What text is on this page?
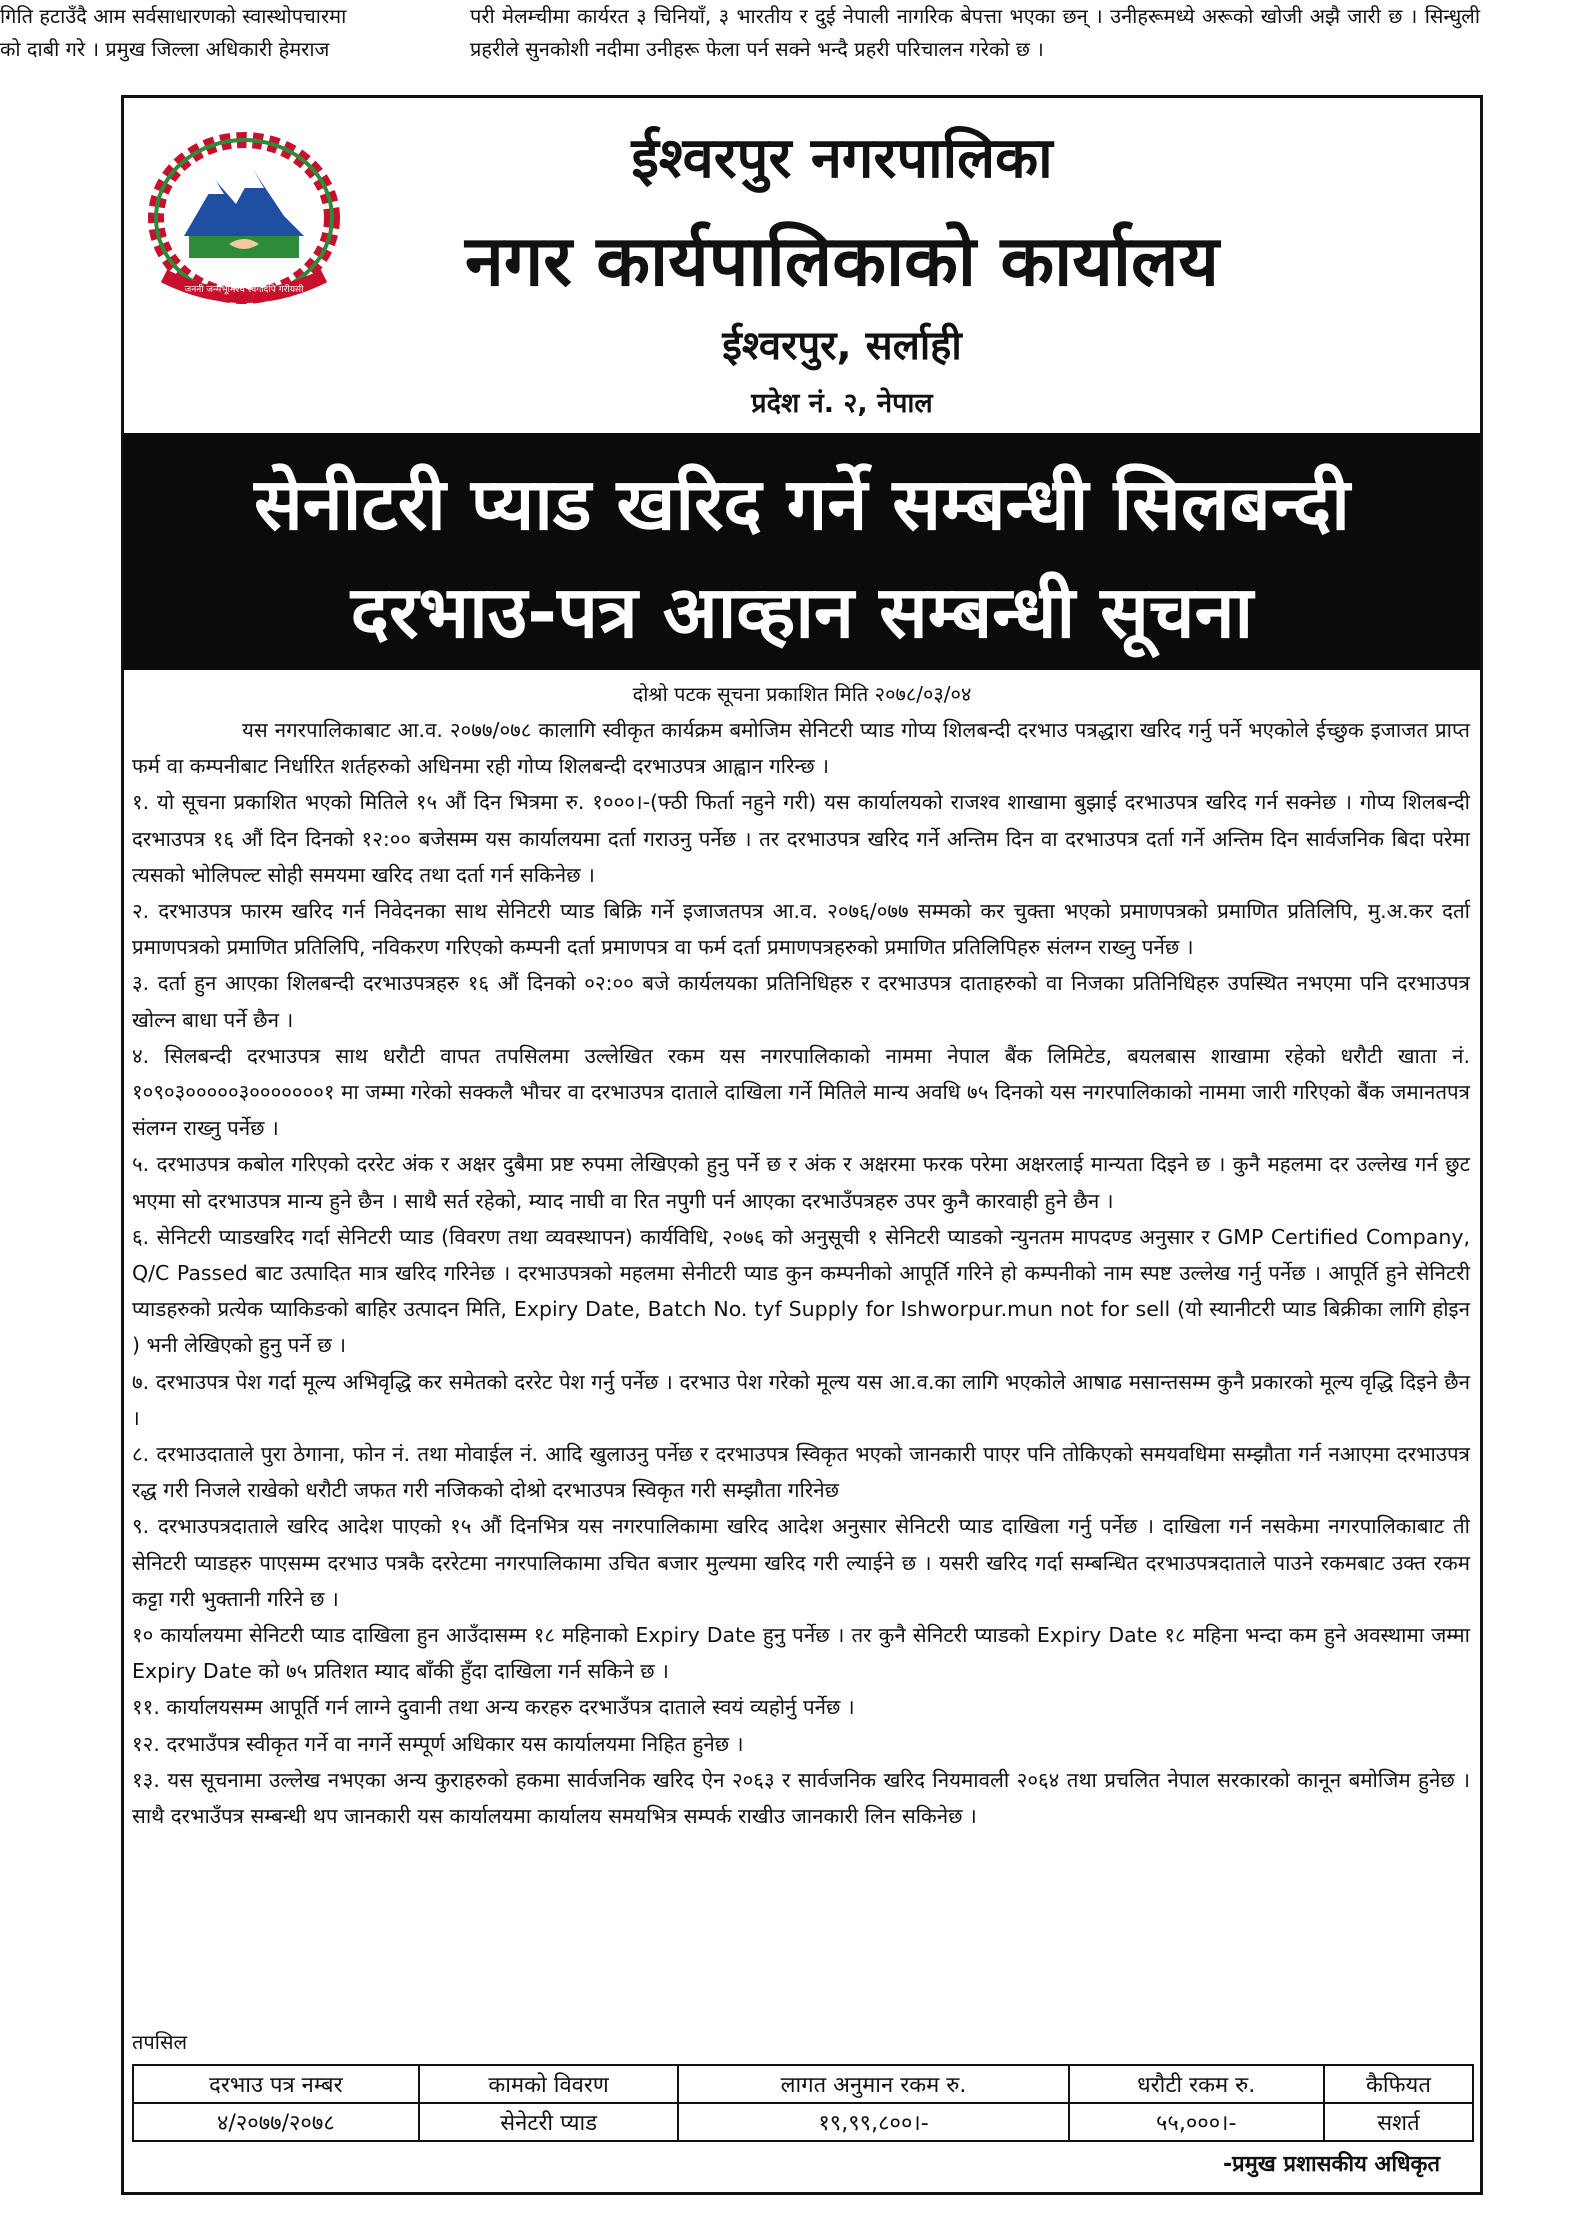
गिति हटाउँदै आम सर्वसाधारणको स्वास्थोपचारमा
को दाबी गरे । प्रमुख जिल्ला अधिकारी हेमराज
परी मेलम्चीमा कार्यरत ३ चिनियाँ, ३ भारतीय र दुई नेपाली नागरिक बेपत्ता भएका छन् । उनीहरूमध्ये अरूको खोजी अझै जारी छ । सिन्धुली प्रहरीले सुनकोशी नदीमा उनीहरू फेला पर्न सक्ने भन्दै प्रहरी परिचालन गरेको छ ।
जननी जन्मभूमिश्च स्वर्गादपि गरीयसी
ईश्वरपुर नगरपालिका
नगर कार्यपालिकाको कार्यालय
ईश्वरपुर, सर्लाही
प्रदेश नं. २, नेपाल
सेनीटरी प्याड खरिद गर्ने सम्बन्धी सिलबन्दी
दरभाउ-पत्र आव्हान सम्बन्धी सूचना
दोश्रो पटक सूचना प्रकाशित मिति २०७८/०३/०४

यस नगरपालिकाबाट आ.व. २०७७/०७८ कालागि स्वीकृत कार्यक्रम बमोजिम सेनिटरी प्याड गोप्य शिलबन्दी दरभाउ पत्रद्धारा खरिद गर्नु पर्ने भएकोले ईच्छुक इजाजत प्राप्त फर्म वा कम्पनीबाट निर्धारित शर्तहरुको अधिनमा रही गोप्य शिलबन्दी दरभाउपत्र आह्वान गरिन्छ ।

१. यो सूचना प्रकाशित भएको मितिले १५ औं दिन भित्रमा रु. १०००।-(फ्ठी फिर्ता नहुने गरी) यस कार्यालयको राजश्व शाखामा बुझाई दरभाउपत्र खरिद गर्न सक्नेछ । गोप्य शिलबन्दी दरभाउपत्र १६ औं दिन दिनको १२:०० बजेसम्म यस कार्यालयमा दर्ता गराउनु पर्नेछ । तर दरभाउपत्र खरिद गर्ने अन्तिम दिन वा दरभाउपत्र दर्ता गर्ने अन्तिम दिन सार्वजनिक बिदा परेमा त्यसको भोलिपल्ट सोही समयमा खरिद तथा दर्ता गर्न सकिनेछ ।

२. दरभाउपत्र फारम खरिद गर्न निवेदनका साथ सेनिटरी प्याड बिक्रि गर्ने इजाजतपत्र आ.व. २०७६/०७७ सम्मको कर चुक्ता भएको प्रमाणपत्रको प्रमाणित प्रतिलिपि, मु.अ.कर दर्ता प्रमाणपत्रको प्रमाणित प्रतिलिपि, नविकरण गरिएको कम्पनी दर्ता प्रमाणपत्र वा फर्म दर्ता प्रमाणपत्रहरुको प्रमाणित प्रतिलिपिहरु संलग्न राख्नु पर्नेछ ।

३. दर्ता हुन आएका शिलबन्दी दरभाउपत्रहरु १६ औं दिनको ०२:०० बजे कार्यलयका प्रतिनिधिहरु र दरभाउपत्र दाताहरुको वा निजका प्रतिनिधिहरु उपस्थित नभएमा पनि दरभाउपत्र खोल्न बाधा पर्ने छैन ।

४. सिलबन्दी दरभाउपत्र साथ धरौटी वापत तपसिलमा उल्लेखित रकम यस नगरपालिकाको नाममा नेपाल बैंक लिमिटेड, बयलबास शाखामा रहेको धरौटी खाता नं. १०९०३०००००३०००००००१ मा जम्मा गरेको सक्कलै भौचर वा दरभाउपत्र दाताले दाखिला गर्ने मितिले मान्य अवधि ७५ दिनको यस नगरपालिकाको नाममा जारी गरिएको बैंक जमानतपत्र संलग्न राख्नु पर्नेछ ।

५. दरभाउपत्र कबोल गरिएको दररेट अंक र अक्षर दुबैमा प्रष्ट रुपमा लेखिएको हुनु पर्ने छ र अंक र अक्षरमा फरक परेमा अक्षरलाई मान्यता दिइने छ । कुनै महलमा दर उल्लेख गर्न छुट भएमा सो दरभाउपत्र मान्य हुने छैन । साथै सर्त रहेको, म्याद नाघी वा रित नपुगी पर्न आएका दरभाउँपत्रहरु उपर कुनै कारवाही हुने छैन ।

६. सेनिटरी प्याडखरिद गर्दा सेनिटरी प्याड (विवरण तथा व्यवस्थापन) कार्यविधि, २०७६ को अनुसूची १ सेनिटरी प्याडको न्युनतम मापदण्ड अनुसार र GMP Certified Company, Q/C Passed बाट उत्पादित मात्र खरिद गरिनेछ । दरभाउपत्रको महलमा सेनीटरी प्याड कुन कम्पनीको आपूर्ति गरिने हो कम्पनीको नाम स्पष्ट उल्लेख गर्नु पर्नेछ । आपूर्ति हुने सेनिटरी प्याडहरुको प्रत्येक प्याकिङको बाहिर उत्पादन मिति, Expiry Date, Batch No. tyf Supply for Ishworpur.mun not for sell (यो स्यानीटरी प्याड बिक्रीका लागि होइन ) भनी लेखिएको हुनु पर्ने छ ।

७. दरभाउपत्र पेश गर्दा मूल्य अभिवृद्धि कर समेतको दररेट पेश गर्नु पर्नेछ । दरभाउ पेश गरेको मूल्य यस आ.व.का लागि भएकोले आषाढ मसान्तसम्म कुनै प्रकारको मूल्य वृद्धि दिइने छैन ।

८. दरभाउदाताले पुरा ठेगाना, फोन नं. तथा मोवाईल नं. आदि खुलाउनु पर्नेछ र दरभाउपत्र स्विकृत भएको जानकारी पाएर पनि तोकिएको समयवधिमा सम्झौता गर्न नआएमा दरभाउपत्र रद्ध गरी निजले राखेको धरौटी जफत गरी नजिकको दोश्रो दरभाउपत्र स्विकृत गरी सम्झौता गरिनेछ

९. दरभाउपत्रदाताले खरिद आदेश पाएको १५ औं दिनभित्र यस नगरपालिकामा खरिद आदेश अनुसार सेनिटरी प्याड दाखिला गर्नु पर्नेछ । दाखिला गर्न नसकेमा नगरपालिकाबाट ती सेनिटरी प्याडहरु पाएसम्म दरभाउ पत्रकै दररेटमा नगरपालिकामा उचित बजार मुल्यमा खरिद गरी ल्याईने छ । यसरी खरिद गर्दा सम्बन्धित दरभाउपत्रदाताले पाउने रकमबाट उक्त रकम कट्टा गरी भुक्तानी गरिने छ ।

१० कार्यालयमा सेनिटरी प्याड दाखिला हुन आउँदासम्म १८ महिनाको Expiry Date हुनु पर्नेछ । तर कुनै सेनिटरी प्याडको Expiry Date १८ महिना भन्दा कम हुने अवस्थामा जम्मा Expiry Date को ७५ प्रतिशत म्याद बाँकी हुँदा दाखिला गर्न सकिने छ ।

११. कार्यालयसम्म आपूर्ति गर्न लाग्ने दुवानी तथा अन्य करहरु दरभाउँपत्र दाताले स्वयं व्यहोर्नु पर्नेछ ।

१२. दरभाउँपत्र स्वीकृत गर्ने वा नगर्ने सम्पूर्ण अधिकार यस कार्यालयमा निहित हुनेछ ।

१३. यस सूचनामा उल्लेख नभएका अन्य कुराहरुको हकमा सार्वजनिक खरिद ऐन २०६३ र सार्वजनिक खरिद नियमावली २०६४ तथा प्रचलित नेपाल सरकारको कानून बमोजिम हुनेछ । साथै दरभाउँपत्र सम्बन्धी थप जानकारी यस कार्यालयमा कार्यालय समयभित्र सम्पर्क राखीउ जानकारी लिन सकिनेछ ।

तपसिल
दरभाउ पत्र नम्बर	कामको विवरण	लागत अनुमान रकम रु.	धरौटी रकम रु.	कैफियत
४/२०७७/२०७८	सेनेटरी प्याड	१९,९९,८००।-	५५,०००।-	सशर्त
-प्रमुख प्रशासकीय अधिकृत
